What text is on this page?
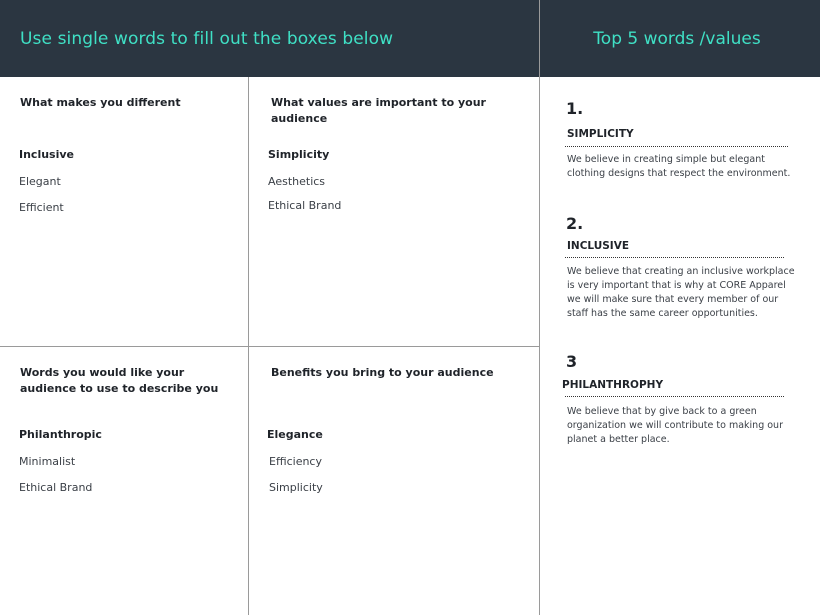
Use single words to fill out the boxes below	Top 5 words /values
What makes you different
Inclusive
Elegant
Efficient
What values are important to your audience
Simplicity
Aesthetics
Ethical Brand
Words you would like your audience to use to describe you
Philanthropic
Minimalist
Ethical Brand
Benefits you bring to your audience
Elegance
Efficiency
Simplicity
1.
SIMPLICITY
We believe in creating simple but elegant clothing designs that respect the environment.
2.
INCLUSIVE
We believe that creating an inclusive workplace is very important that is why at CORE Apparel we will make sure that every member of our staff has the same career opportunities.
3
PHILANTHROPHY
We believe that by give back to a green organization we will contribute to making our planet a better place.
